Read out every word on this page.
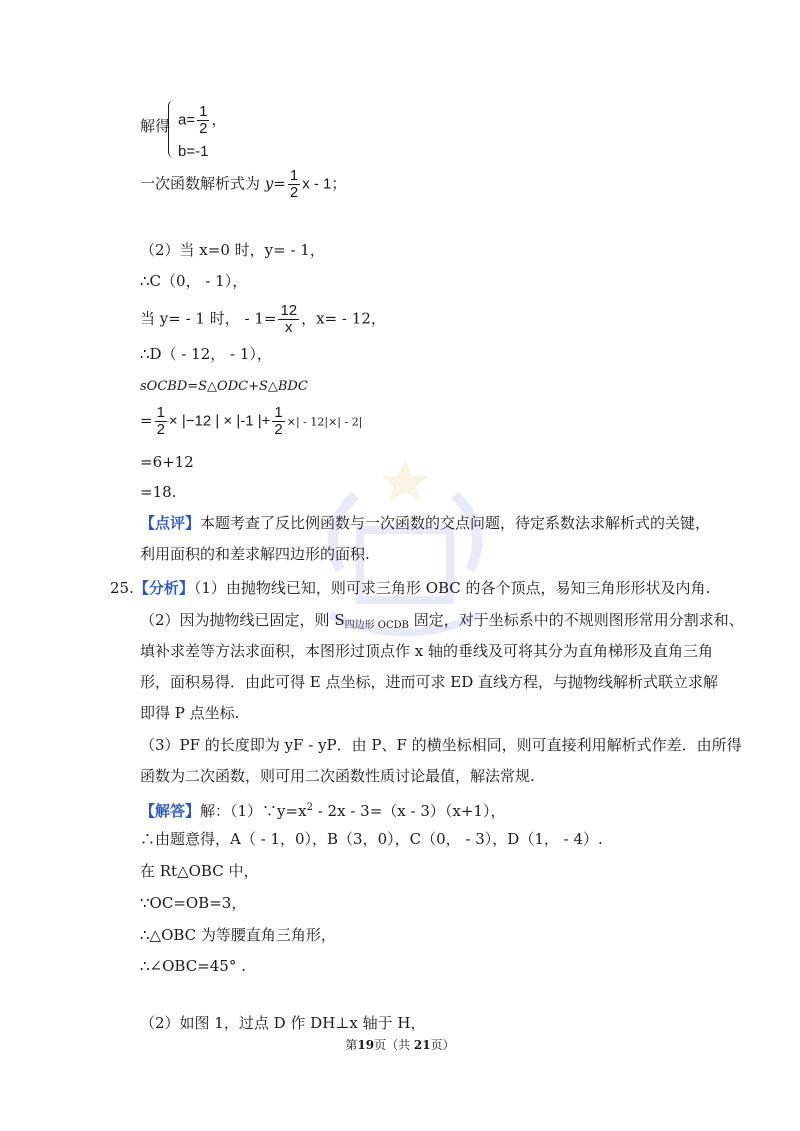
解得 $a= \frac{1}{2}$ ，
b=-1
一次函数解析式为 $y= \frac{1}{2}$ x - 1；
（2）当 x=0 时，y= - 1，
∴C（0， - 1），
当 y= - 1 时， - $1= \frac{12}{x}$ ，x= - 12，
∴D（ - 12， - 1），
sOCBD=S△ODC+S△BDC
= $\frac{1}{2} \times |-12$ | × |-1 |+ $\frac{1}{2}$ ×| - 12|×| - 2|
=6+12
=18.
【点评】本题考查了反比例函数与一次函数的交点问题，待定系数法求解析式的关键，
利用面积的和差求解四边形的面积.
25.【分析】（1）由抛物线已知，则可求三角形 OBC 的各个顶点，易知三角形形状及内角.
（2）因为抛物线已固定，则 $S_{四边形 OCDB}$ 固定，对于坐标系中的不规则图形常用分割求和、
填补求差等方法求面积，本图形过顶点作 x 轴的垂线及可将其分为直角梯形及直角三角
形，面积易得．由此可得 E 点坐标，进而可求 ED 直线方程，与抛物线解析式联立求解
即得 P 点坐标.
（3）PF 的长度即为 yF - yP．由 P、F 的横坐标相同，则可直接利用解析式作差．由所得
函数为二次函数，则可用二次函数性质讨论最值，解法常规.
【解答】解：$(1)\because y=x^2 - 2x - 3=(x - 3)(x+1)$，
∴由题意得，A（ - 1，0），B（3，0），C（0， - 3），D（1， - 4）.
在 Rt△OBC 中，
∵OC=OB=3，
∴△OBC 为等腰直角三角形，
∴∠OBC=45° .
（2）如图 1，过点 D 作 DH⊥x 轴于 H，
第19页（共 21页）
